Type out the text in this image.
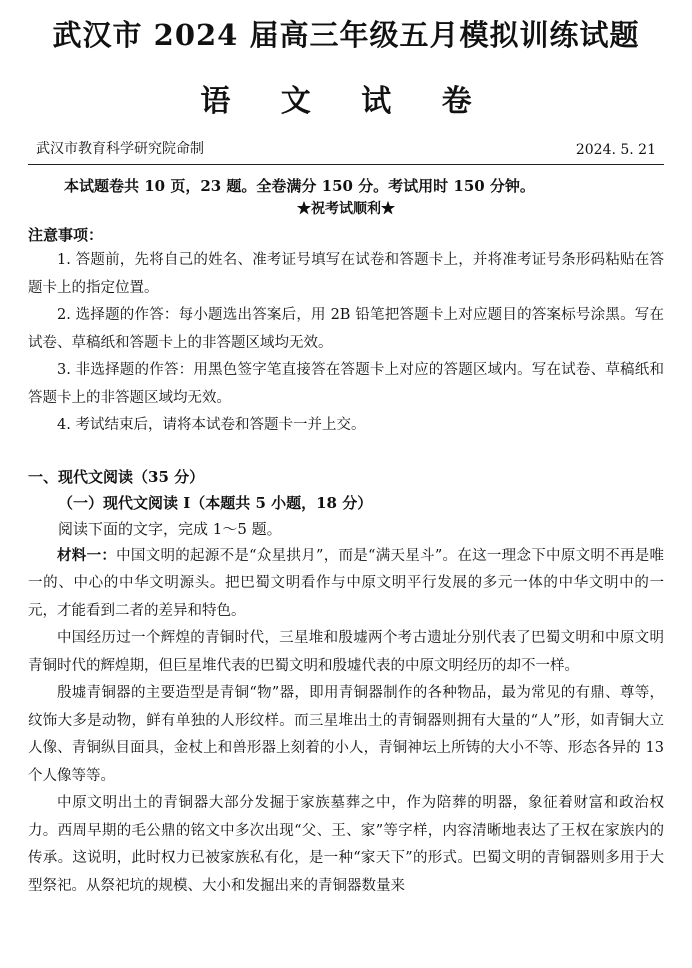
武汉市 2024 届高三年级五月模拟训练试题
语 文 试 卷
武汉市教育科学研究院命制	2024. 5. 21
本试题卷共 10 页，23 题。全卷满分 150 分。考试用时 150 分钟。
★祝考试顺利★
注意事项：

1. 答题前，先将自己的姓名、准考证号填写在试卷和答题卡上，并将准考证号条形码粘贴在答题卡上的指定位置。

2. 选择题的作答：每小题选出答案后，用 2B 铅笔把答题卡上对应题目的答案标号涂黑。写在试卷、草稿纸和答题卡上的非答题区域均无效。

3. 非选择题的作答：用黑色签字笔直接答在答题卡上对应的答题区域内。写在试卷、草稿纸和答题卡上的非答题区域均无效。

4. 考试结束后，请将本试卷和答题卡一并上交。

一、现代文阅读（35 分）
（一）现代文阅读 I（本题共 5 小题，18 分）
阅读下面的文字，完成 1～5 题。

材料一：中国文明的起源不是“众星拱月”，而是“满天星斗”。在这一理念下中原文明不再是唯一的、中心的中华文明源头。把巴蜀文明看作与中原文明平行发展的多元一体的中华文明中的一元，才能看到二者的差异和特色。

中国经历过一个辉煌的青铜时代，三星堆和殷墟两个考古遗址分别代表了巴蜀文明和中原文明青铜时代的辉煌期，但巨星堆代表的巴蜀文明和殷墟代表的中原文明经历的却不一样。

殷墟青铜器的主要造型是青铜“物”器，即用青铜器制作的各种物品，最为常见的有鼎、尊等，纹饰大多是动物，鲜有单独的人形纹样。而三星堆出土的青铜器则拥有大量的“人”形，如青铜大立人像、青铜纵目面具，金杖上和兽形器上刻着的小人，青铜神坛上所铸的大小不等、形态各异的 13 个人像等等。

中原文明出土的青铜器大部分发掘于家族墓葬之中，作为陪葬的明器，象征着财富和政治权力。西周早期的毛公鼎的铭文中多次出现“父、王、家”等字样，内容清晰地表达了王权在家族内的传承。这说明，此时权力已被家族私有化，是一种“家天下”的形式。巴蜀文明的青铜器则多用于大型祭祀。从祭祀坑的规模、大小和发掘出来的青铜器数量来
